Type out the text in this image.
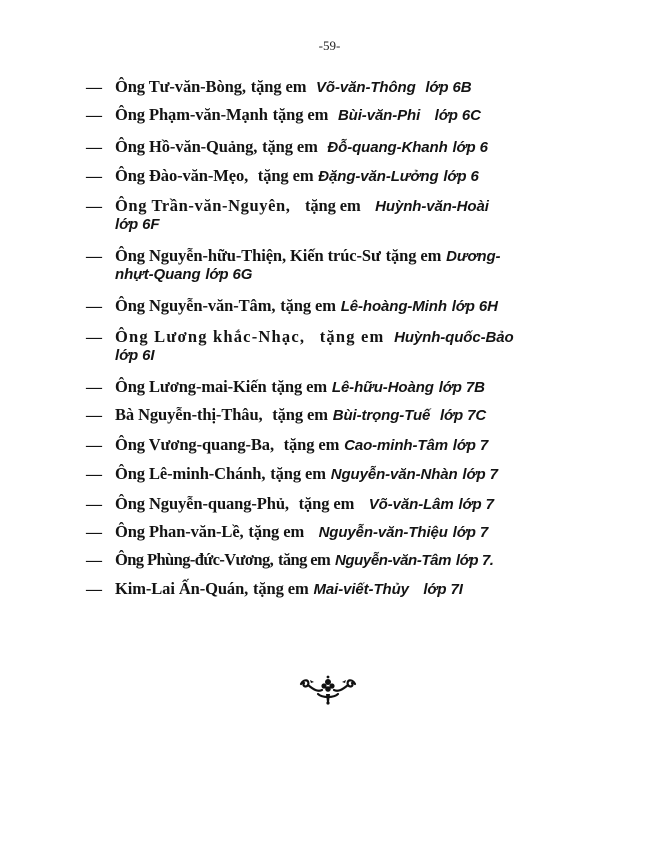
-59-
— Ông Tư-văn-Bòng, tặng em Võ-văn-Thông lớp 6B
— Ông Phạm-văn-Mạnh tặng em Bùi-văn-Phi lớp 6C
— Ông Hồ-văn-Quảng, tặng em Đỗ-quang-Khanh lớp 6
— Ông Đào-văn-Mẹo, tặng em Đặng-văn-Lưởng lớp 6
— Ông Trần-văn-Nguyên, tặng em Huỳnh-văn-Hoài
lớp 6F
— Ông Nguyễn-hữu-Thiện, Kiến trúc-Sư tặng em Dương-
nhựt-Quang lớp 6G
— Ông Nguyễn-văn-Tâm, tặng em Lê-hoàng-Minh lớp 6H
— Ông Lương khắc-Nhạc, tặng em Huỳnh-quốc-Bảo
lớp 6I
— Ông Lương-mai-Kiến tặng em Lê-hữu-Hoàng lớp 7B
— Bà Nguyễn-thị-Thâu, tặng em Bùi-trọng-Tuế lớp 7C
— Ông Vương-quang-Ba, tặng em Cao-minh-Tâm lớp 7
— Ông Lê-minh-Chánh, tặng em Nguyễn-văn-Nhàn lớp 7
— Ông Nguyễn-quang-Phủ, tặng em Võ-văn-Lâm lớp 7
— Ông Phan-văn-Lề, tặng em Nguyễn-văn-Thiệu lớp 7
— Ông Phùng-đức-Vương, tăng em Nguyễn-văn-Tâm lớp 7.
— Kim-Lai Ấn-Quán, tặng em Mai-viết-Thủy lớp 7I
